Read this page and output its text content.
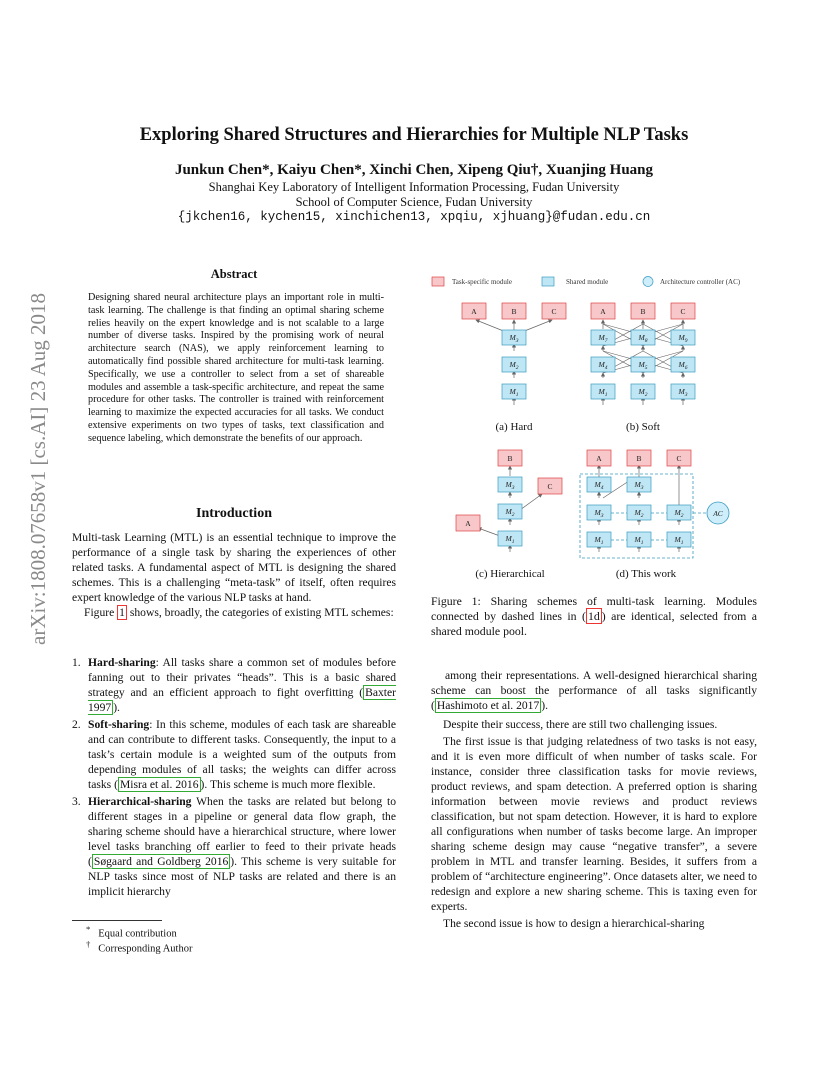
Exploring Shared Structures and Hierarchies for Multiple NLP Tasks
Junkun Chen*, Kaiyu Chen*, Xinchi Chen, Xipeng Qiu†, Xuanjing Huang
Shanghai Key Laboratory of Intelligent Information Processing, Fudan University
School of Computer Science, Fudan University
{jkchen16, kychen15, xinchichen13, xpqiu, xjhuang}@fudan.edu.cn
arXiv:1808.07658v1 [cs.AI] 23 Aug 2018
Abstract
Designing shared neural architecture plays an important role in multi-task learning. The challenge is that finding an optimal sharing scheme relies heavily on the expert knowledge and is not scalable to a large number of diverse tasks. Inspired by the promising work of neural architecture search (NAS), we apply reinforcement learning to automatically find possible shared architecture for multi-task learning. Specifically, we use a controller to select from a set of shareable modules and assemble a task-specific architecture, and repeat the same procedure for other tasks. The controller is trained with reinforcement learning to maximize the expected accuracies for all tasks. We conduct extensive experiments on two types of tasks, text classification and sequence labeling, which demonstrate the benefits of our approach.
Introduction

Multi-task Learning (MTL) is an essential technique to improve the performance of a single task by sharing the experiences of other related tasks. A fundamental aspect of MTL is designing the shared schemes. This is a challenging “meta-task” of itself, often requires expert knowledge of the various NLP tasks at hand.

Figure 1 shows, broadly, the categories of existing MTL schemes:

1. Hard-sharing: All tasks share a common set of modules before fanning out to their privates “heads”. This is a basic shared strategy and an efficient approach to fight overfitting ( Baxter 1997 ).
2. Soft-sharing: In this scheme, modules of each task are shareable and can contribute to different tasks. Consequently, the input to a task’s certain module is a weighted sum of the outputs from depending modules of all tasks; the weights can differ across tasks ( Misra et al. 2016 ). This scheme is much more flexible.
3. Hierarchical-sharing When the tasks are related but belong to different stages in a pipeline or general data flow graph, the sharing scheme should have a hierarchical structure, where lower level tasks branching off earlier to feed to their private heads ( Søgaard and Goldberg 2016 ). This scheme is very suitable for NLP tasks since most of NLP tasks are related and there is an implicit hierarchy
* Equal contribution
† Corresponding Author
Task-specific module	Shared module	Architecture controller (AC)
A	B	C	A	B	C
B
C
A
A	B	C
$M_3$
$M_2$
$M_1$
$M_7$	$M_8$	$M_9$
$M_4$	$M_5$	$M_6$
$M_1$	$M_2$	$M_3$
$M_3$
$M_2$
$M_1$
$M_4$	$M_3$
$M_3$	$M_2$	$M_2$
$M_1$	$M_1$	$M_1$
AC
(a) Hard	(b) Soft
(c) Hierarchical	(d) This work
Figure 1: Sharing schemes of multi-task learning. Modules connected by dashed lines in ( 1d ) are identical, selected from a shared module pool.

among their representations. A well-designed hierarchical sharing scheme can boost the performance of all tasks significantly ( Hashimoto et al. 2017 ).

Despite their success, there are still two challenging issues.

The first issue is that judging relatedness of two tasks is not easy, and it is even more difficult of when number of tasks scale. For instance, consider three classification tasks for movie reviews, product reviews, and spam detection. A preferred option is sharing information between movie reviews and product reviews classification, but not spam detection. However, it is hard to explore all configurations when number of tasks become large. An improper sharing scheme design may cause “negative transfer”, a severe problem in MTL and transfer learning. Besides, it suffers from a problem of “architecture engineering”. Once datasets alter, we need to redesign and explore a new sharing scheme. This is taxing even for experts.

The second issue is how to design a hierarchical-sharing
